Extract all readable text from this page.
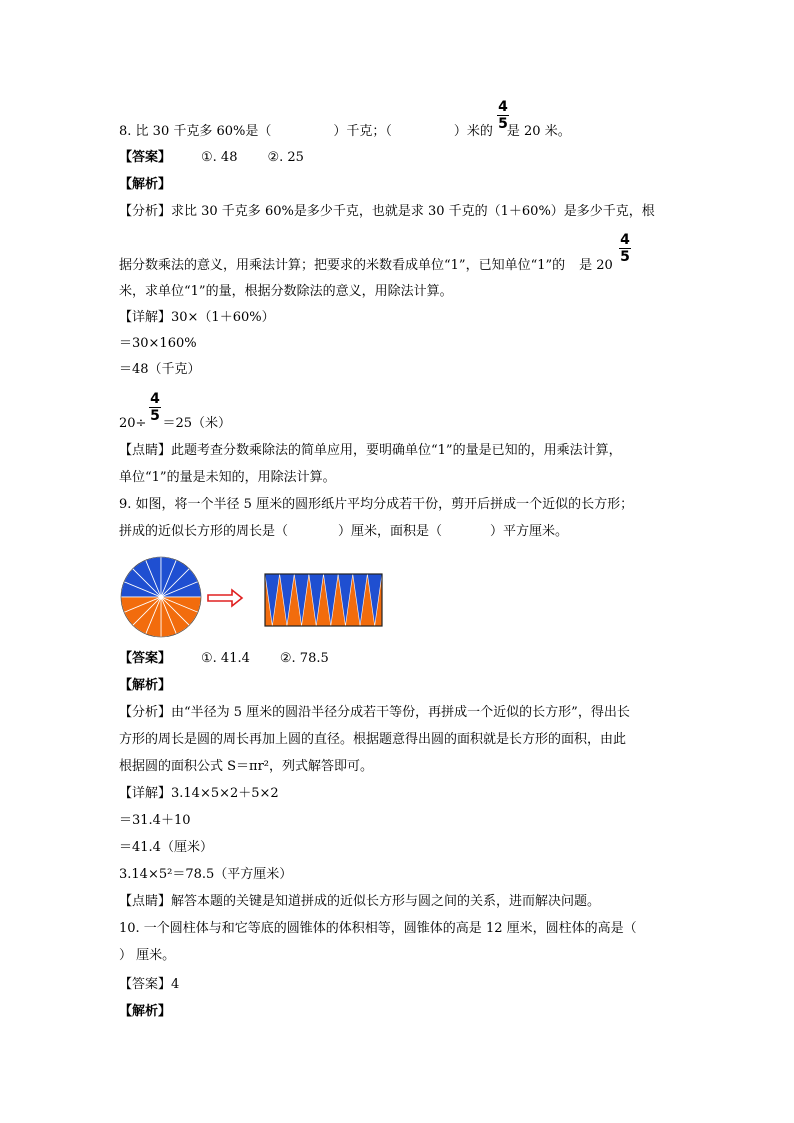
8. 比 30 千克多 60%是（	）千克；（	）米的 是 20 米。
4
5
【答案】 ①. 48 ②. 25
【解析】
【分析】求比 30 千克多 60%是多少千克，也就是求 30 千克的（1＋60%）是多少千克，根
据分数乘法的意义，用乘法计算；把要求的米数看成单位“1”，已知单位“1”的 是 20
4
5
米，求单位“1”的量，根据分数除法的意义，用除法计算。
【详解】30×（1＋60%）
＝30×160%
＝48（千克）
20÷ ＝25（米）
4
5
【点睛】此题考查分数乘除法的简单应用，要明确单位“1”的量是已知的，用乘法计算，
单位“1”的量是未知的，用除法计算。
9. 如图，将一个半径 5 厘米的圆形纸片平均分成若干份，剪开后拼成一个近似的长方形；
拼成的近似长方形的周长是（	）厘米，面积是（	）平方厘米。
【答案】 ①. 41.4 ②. 78.5
【解析】
【分析】由“半径为 5 厘米的圆沿半径分成若干等份，再拼成一个近似的长方形”，得出长
方形的周长是圆的周长再加上圆的直径。根据题意得出圆的面积就是长方形的面积，由此
根据圆的面积公式 S＝πr²，列式解答即可。
【详解】3.14×5×2＋5×2
＝31.4＋10
＝41.4（厘米）
3.14×5²＝78.5（平方厘米）
【点睛】解答本题的关键是知道拼成的近似长方形与圆之间的关系，进而解决问题。
10. 一个圆柱体与和它等底的圆锥体的体积相等，圆锥体的高是 12 厘米，圆柱体的高是（
） 厘米。
【答案】4
【解析】
